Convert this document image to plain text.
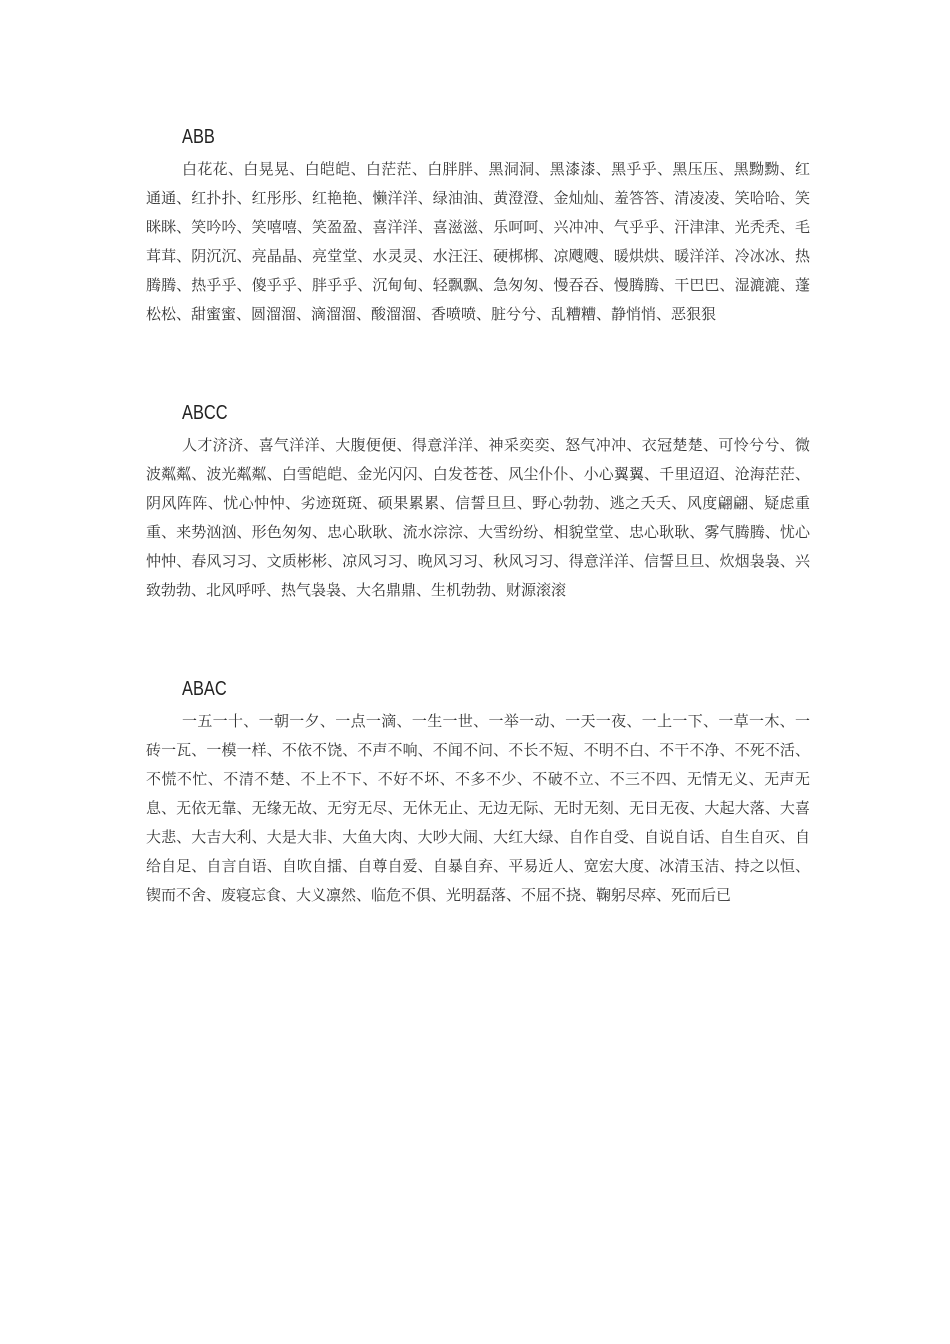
ABB

白花花、白晃晃、白皑皑、白茫茫、白胖胖、黑洞洞、黑漆漆、黑乎乎、黑压压、黑黝黝、红通通、红扑扑、红彤彤、红艳艳、懒洋洋、绿油油、黄澄澄、金灿灿、羞答答、清凌凌、笑哈哈、笑眯眯、笑吟吟、笑嘻嘻、笑盈盈、喜洋洋、喜滋滋、乐呵呵、兴冲冲、气乎乎、汗津津、光秃秃、毛茸茸、阴沉沉、亮晶晶、亮堂堂、水灵灵、水汪汪、硬梆梆、凉飕飕、暖烘烘、暖洋洋、冷冰冰、热腾腾、热乎乎、傻乎乎、胖乎乎、沉甸甸、轻飘飘、急匆匆、慢吞吞、慢腾腾、干巴巴、湿漉漉、蓬松松、甜蜜蜜、圆溜溜、滴溜溜、酸溜溜、香喷喷、脏兮兮、乱糟糟、静悄悄、恶狠狠

ABCC

人才济济、喜气洋洋、大腹便便、得意洋洋、神采奕奕、怒气冲冲、衣冠楚楚、可怜兮兮、微波粼粼、波光粼粼、白雪皑皑、金光闪闪、白发苍苍、风尘仆仆、小心翼翼、千里迢迢、沧海茫茫、阴风阵阵、忧心忡忡、劣迹斑斑、硕果累累、信誓旦旦、野心勃勃、逃之夭夭、风度翩翩、疑虑重重、来势汹汹、形色匆匆、忠心耿耿、流水淙淙、大雪纷纷、相貌堂堂、忠心耿耿、雾气腾腾、忧心忡忡、春风习习、文质彬彬、凉风习习、晚风习习、秋风习习、得意洋洋、信誓旦旦、炊烟袅袅、兴致勃勃、北风呼呼、热气袅袅、大名鼎鼎、生机勃勃、财源滚滚

ABAC

一五一十、一朝一夕、一点一滴、一生一世、一举一动、一天一夜、一上一下、一草一木、一砖一瓦、一模一样、不依不饶、不声不响、不闻不问、不长不短、不明不白、不干不净、不死不活、不慌不忙、不清不楚、不上不下、不好不坏、不多不少、不破不立、不三不四、无情无义、无声无息、无依无靠、无缘无故、无穷无尽、无休无止、无边无际、无时无刻、无日无夜、大起大落、大喜大悲、大吉大利、大是大非、大鱼大肉、大吵大闹、大红大绿、自作自受、自说自话、自生自灭、自给自足、自言自语、自吹自擂、自尊自爱、自暴自弃、平易近人、宽宏大度、冰清玉洁、持之以恒、锲而不舍、废寝忘食、大义凛然、临危不俱、光明磊落、不屈不挠、鞠躬尽瘁、死而后已
